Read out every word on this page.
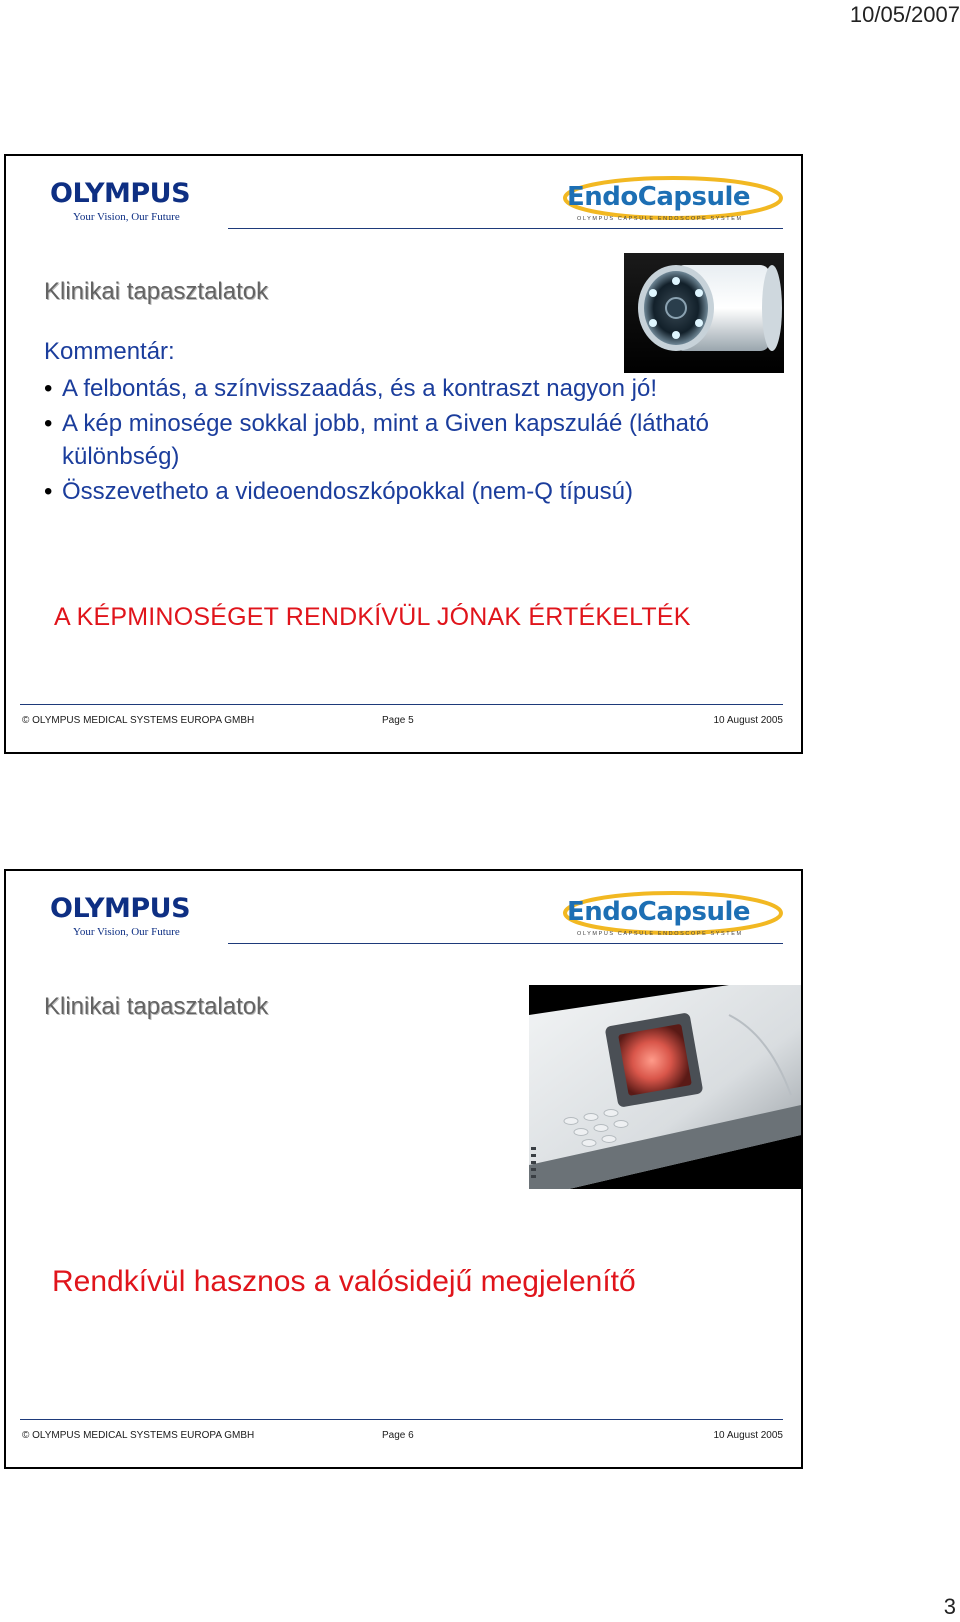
10/05/2007
OLYMPUS
Your Vision, Our Future
EndoCapsule
OLYMPUS CAPSULE ENDOSCOPE SYSTEM
Klinikai tapasztalatok
Kommentár:
• A felbontás, a színvisszaadás, és a kontraszt nagyon jó!
• A kép minosége sokkal jobb, mint a Given kapszuláé (látható különbség)
• Összevetheto a videoendoszkópokkal (nem-Q típusú)
A KÉPMINOSÉGET RENDKÍVÜL JÓNAK ÉRTÉKELTÉK
© OLYMPUS MEDICAL SYSTEMS EUROPA GMBH	Page 5	10 August 2005
OLYMPUS
Your Vision, Our Future
EndoCapsule
OLYMPUS CAPSULE ENDOSCOPE SYSTEM
Klinikai tapasztalatok
Rendkívül hasznos a valósidejű megjelenítő
© OLYMPUS MEDICAL SYSTEMS EUROPA GMBH	Page 6	10 August 2005
3
